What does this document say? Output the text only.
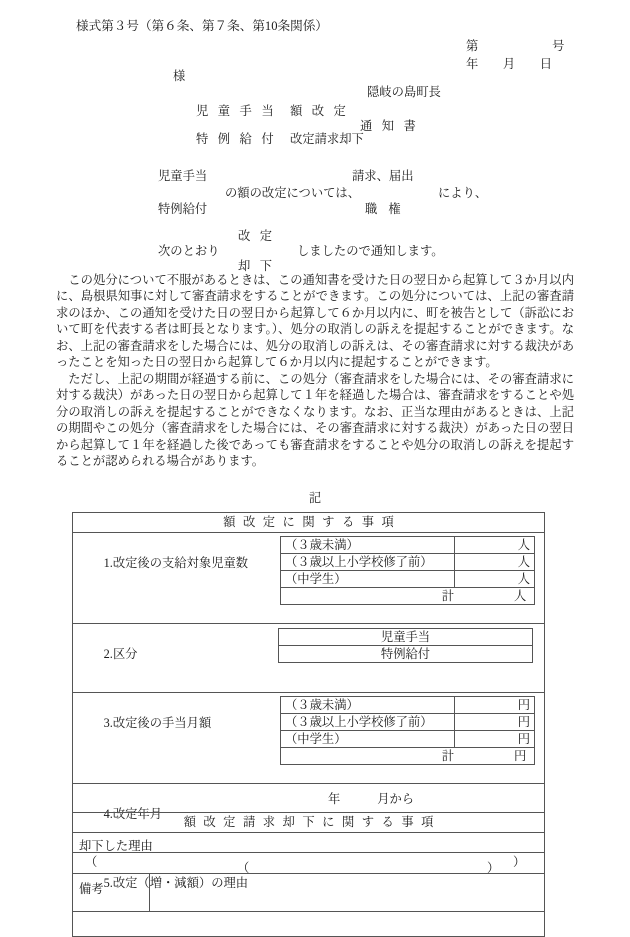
様式第３号（第６条、第７条、第10条関係）
第　　　　　　号
年　　月　　日
様
隠岐の島町長
児 童 手 当
特 例 給 付
額 改 定
改定請求却下
通 知 書
児童手当
特例給付
の額の改定については、
請求、届出
職 権
により、
次のとおり
改 定
却 下
しましたので通知します。

この処分について不服があるときは、この通知書を受けた日の翌日から起算して３か月以内に、島根県知事に対して審査請求をすることができます。この処分については、上記の審査請求のほか、この通知を受けた日の翌日から起算して６か月以内に、町を被告として（訴訟において町を代表する者は町長となります。）、処分の取消しの訴えを提起することができます。なお、上記の審査請求をした場合には、処分の取消しの訴えは、その審査請求に対する裁決があったことを知った日の翌日から起算して６か月以内に提起することができます。

ただし、上記の期間が経過する前に、この処分（審査請求をした場合には、その審査請求に対する裁決）があった日の翌日から起算して１年を経過した場合は、審査請求をすることや処分の取消しの訴えを提起することができなくなります。なお、正当な理由があるときは、上記の期間やこの処分（審査請求をした場合には、その審査請求に対する裁決）があった日の翌日から起算して１年を経過した後であっても審査請求をすることや処分の取消しの訴えを提起することが認められる場合があります。

記
額改定に関する事項

1.改定後の支給対象児童数

（３歳未満）	人
（３歳以上小学校修了前）	人
（中学生）	人
計	人

2.区分

児童手当
特例給付

3.改定後の手当月額

（３歳未満）	円
（３歳以上小学校修了前）	円
（中学生）	円
計	円

4.改定年月

年　　　月から

5.改定（増・減額）の理由

（

	）

額改定請求却下に関する事項

却下した理由
（	）

備考	
